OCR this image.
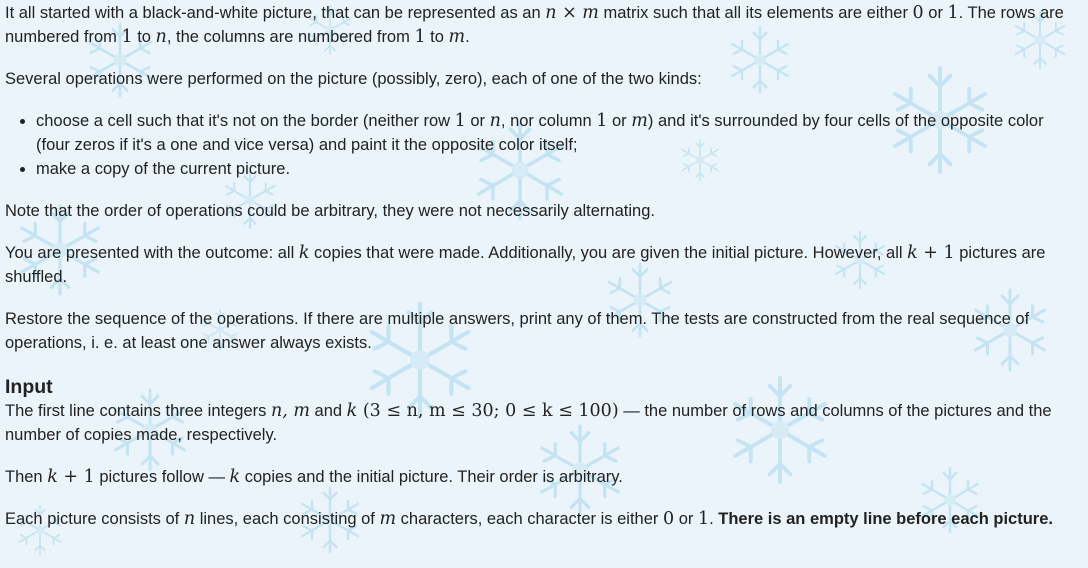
It all started with a black-and-white picture, that can be represented as an n × m matrix such that all its elements are either 0 or 1. The rows are numbered from 1 to n, the columns are numbered from 1 to m.

Several operations were performed on the picture (possibly, zero), each of one of the two kinds:

• choose a cell such that it's not on the border (neither row 1 or n, nor column 1 or m) and it's surrounded by four cells of the opposite color (four zeros if it's a one and vice versa) and paint it the opposite color itself;
• make a copy of the current picture.

Note that the order of operations could be arbitrary, they were not necessarily alternating.

You are presented with the outcome: all k copies that were made. Additionally, you are given the initial picture. However, all k + 1 pictures are shuffled.

Restore the sequence of the operations. If there are multiple answers, print any of them. The tests are constructed from the real sequence of operations, i. e. at least one answer always exists.

Input

The first line contains three integers n, m and k (3 ≤ n, m ≤ 30; 0 ≤ k ≤ 100) — the number of rows and columns of the pictures and the number of copies made, respectively.

Then k + 1 pictures follow — k copies and the initial picture. Their order is arbitrary.

Each picture consists of n lines, each consisting of m characters, each character is either 0 or 1. There is an empty line before each picture.
